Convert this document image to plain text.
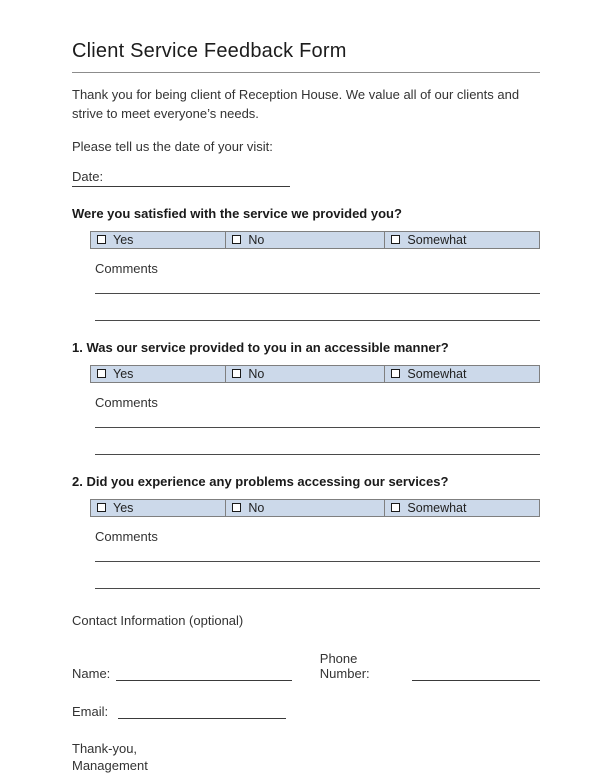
Client Service Feedback Form

Thank you for being client of Reception House. We value all of our clients and strive to meet everyone’s needs.

Please tell us the date of your visit:

Date:

Were you satisfied with the service we provided you?

Yes	No	Somewhat

Comments

1. Was our service provided to you in an accessible manner?

Yes	No	Somewhat

Comments

2. Did you experience any problems accessing our services?

Yes	No	Somewhat

Comments

Contact Information (optional)

Name:
Phone Number:
Email:

Thank-you,
Management
